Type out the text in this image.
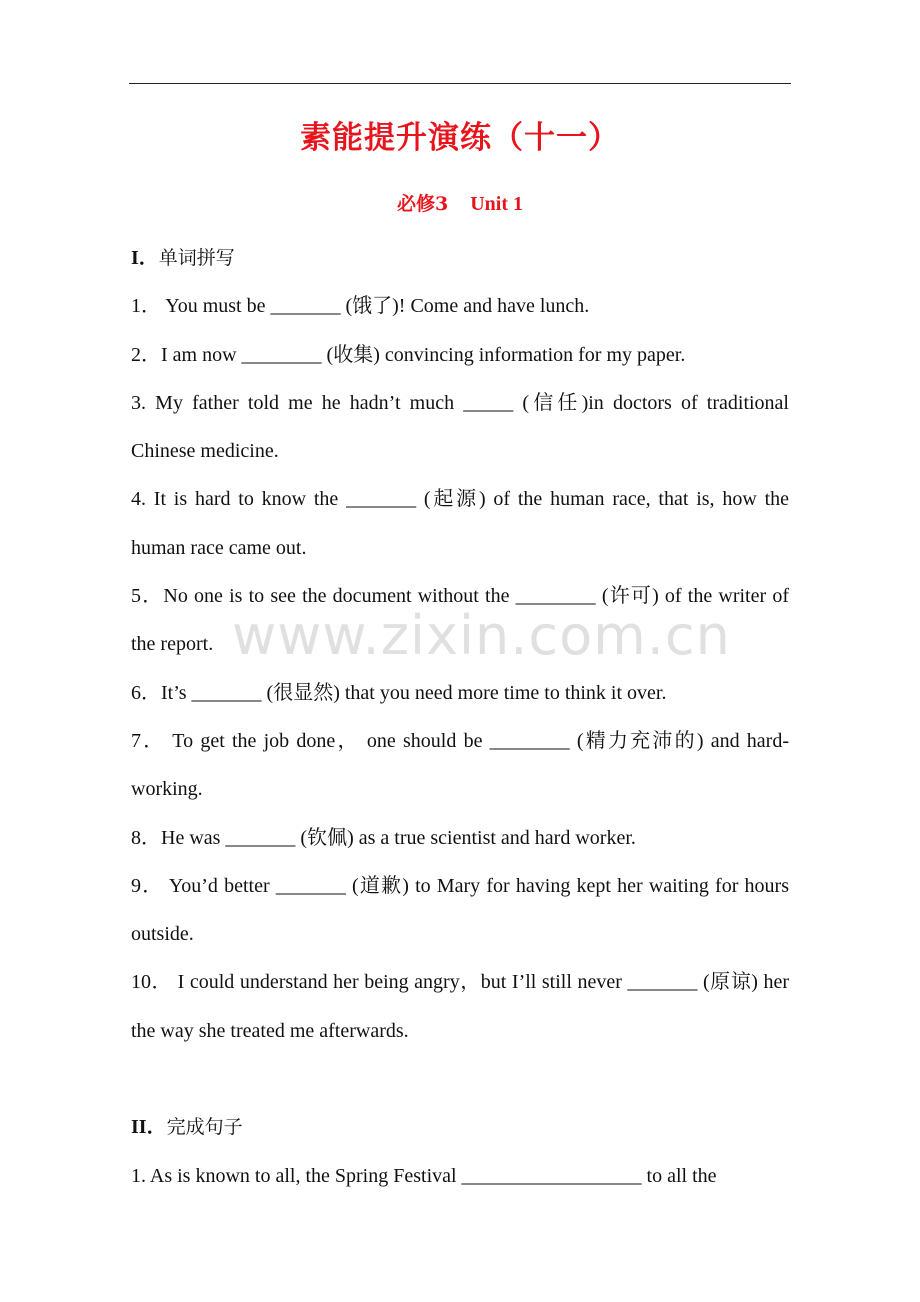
素能提升演练（十一）
必修3 Unit 1

I．单词拼写

1． You must be _______ (饿了)! Come and have lunch.

2．I am now ________ (收集) convincing information for my paper.

3. My father told me he hadn’t much _____ (信任)in doctors of traditional Chinese medicine.

4. It is hard to know the _______ (起源) of the human race, that is, how the human race came out.

5．No one is to see the document without the ________ (许可) of the writer of the report.

6．It’s _______ (很显然) that you need more time to think it over.

7． To get the job done， one should be ________ (精力充沛的) and hard-working.

8．He was _______ (钦佩) as a true scientist and hard worker.

9． You’d better _______ (道歉) to Mary for having kept her waiting for hours outside.

10． I could understand her being angry，but I’ll still never _______ (原谅) her the way she treated me afterwards.

II．完成句子

1. As is known to all, the Spring Festival __________________ to all the

www.zixin.com.cn
